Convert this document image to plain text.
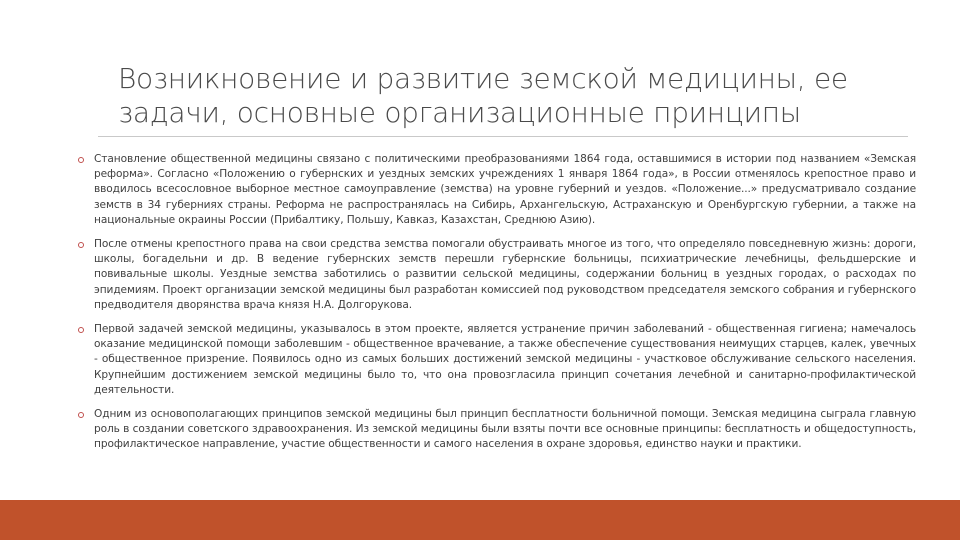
Возникновение и развитие земской медицины, ее задачи, основные организационные принципы
Становление общественной медицины связано с политическими преобразованиями 1864 года, оставшимися в истории под названием «Земская реформа». Согласно «Положению о губернских и уездных земских учреждениях 1 января 1864 года», в России отменялось крепостное право и вводилось всесословное выборное местное самоуправление (земства) на уровне губерний и уездов. «Положение...» предусматривало создание земств в 34 губерниях страны. Реформа не распространялась на Сибирь, Архангельскую, Астраханскую и Оренбургскую губернии, а также на национальные окраины России (Прибалтику, Польшу, Кавказ, Казахстан, Среднюю Азию).
После отмены крепостного права на свои средства земства помогали обустраивать многое из того, что определяло повседневную жизнь: дороги, школы, богадельни и др. В ведение губернских земств перешли губернские больницы, психиатрические лечебницы, фельдшерские и повивальные школы. Уездные земства заботились о развитии сельской медицины, содержании больниц в уездных городах, о расходах по эпидемиям. Проект организации земской медицины был разработан комиссией под руководством председателя земского собрания и губернского предводителя дворянства врача князя Н.А. Долгорукова.
Первой задачей земской медицины, указывалось в этом проекте, является устранение причин заболеваний - общественная гигиена; намечалось оказание медицинской помощи заболевшим - общественное врачевание, а также обеспечение существования неимущих старцев, калек, увечных - общественное призрение. Появилось одно из самых больших достижений земской медицины - участковое обслуживание сельского населения. Крупнейшим достижением земской медицины было то, что она провозгласила принцип сочетания лечебной и санитарно-профилактической деятельности.
Одним из основополагающих принципов земской медицины был принцип бесплатности больничной помощи. Земская медицина сыграла главную роль в создании советского здравоохранения. Из земской медицины были взяты почти все основные принципы: бесплатность и общедоступность, профилактическое направление, участие общественности и самого населения в охране здоровья, единство науки и практики.
